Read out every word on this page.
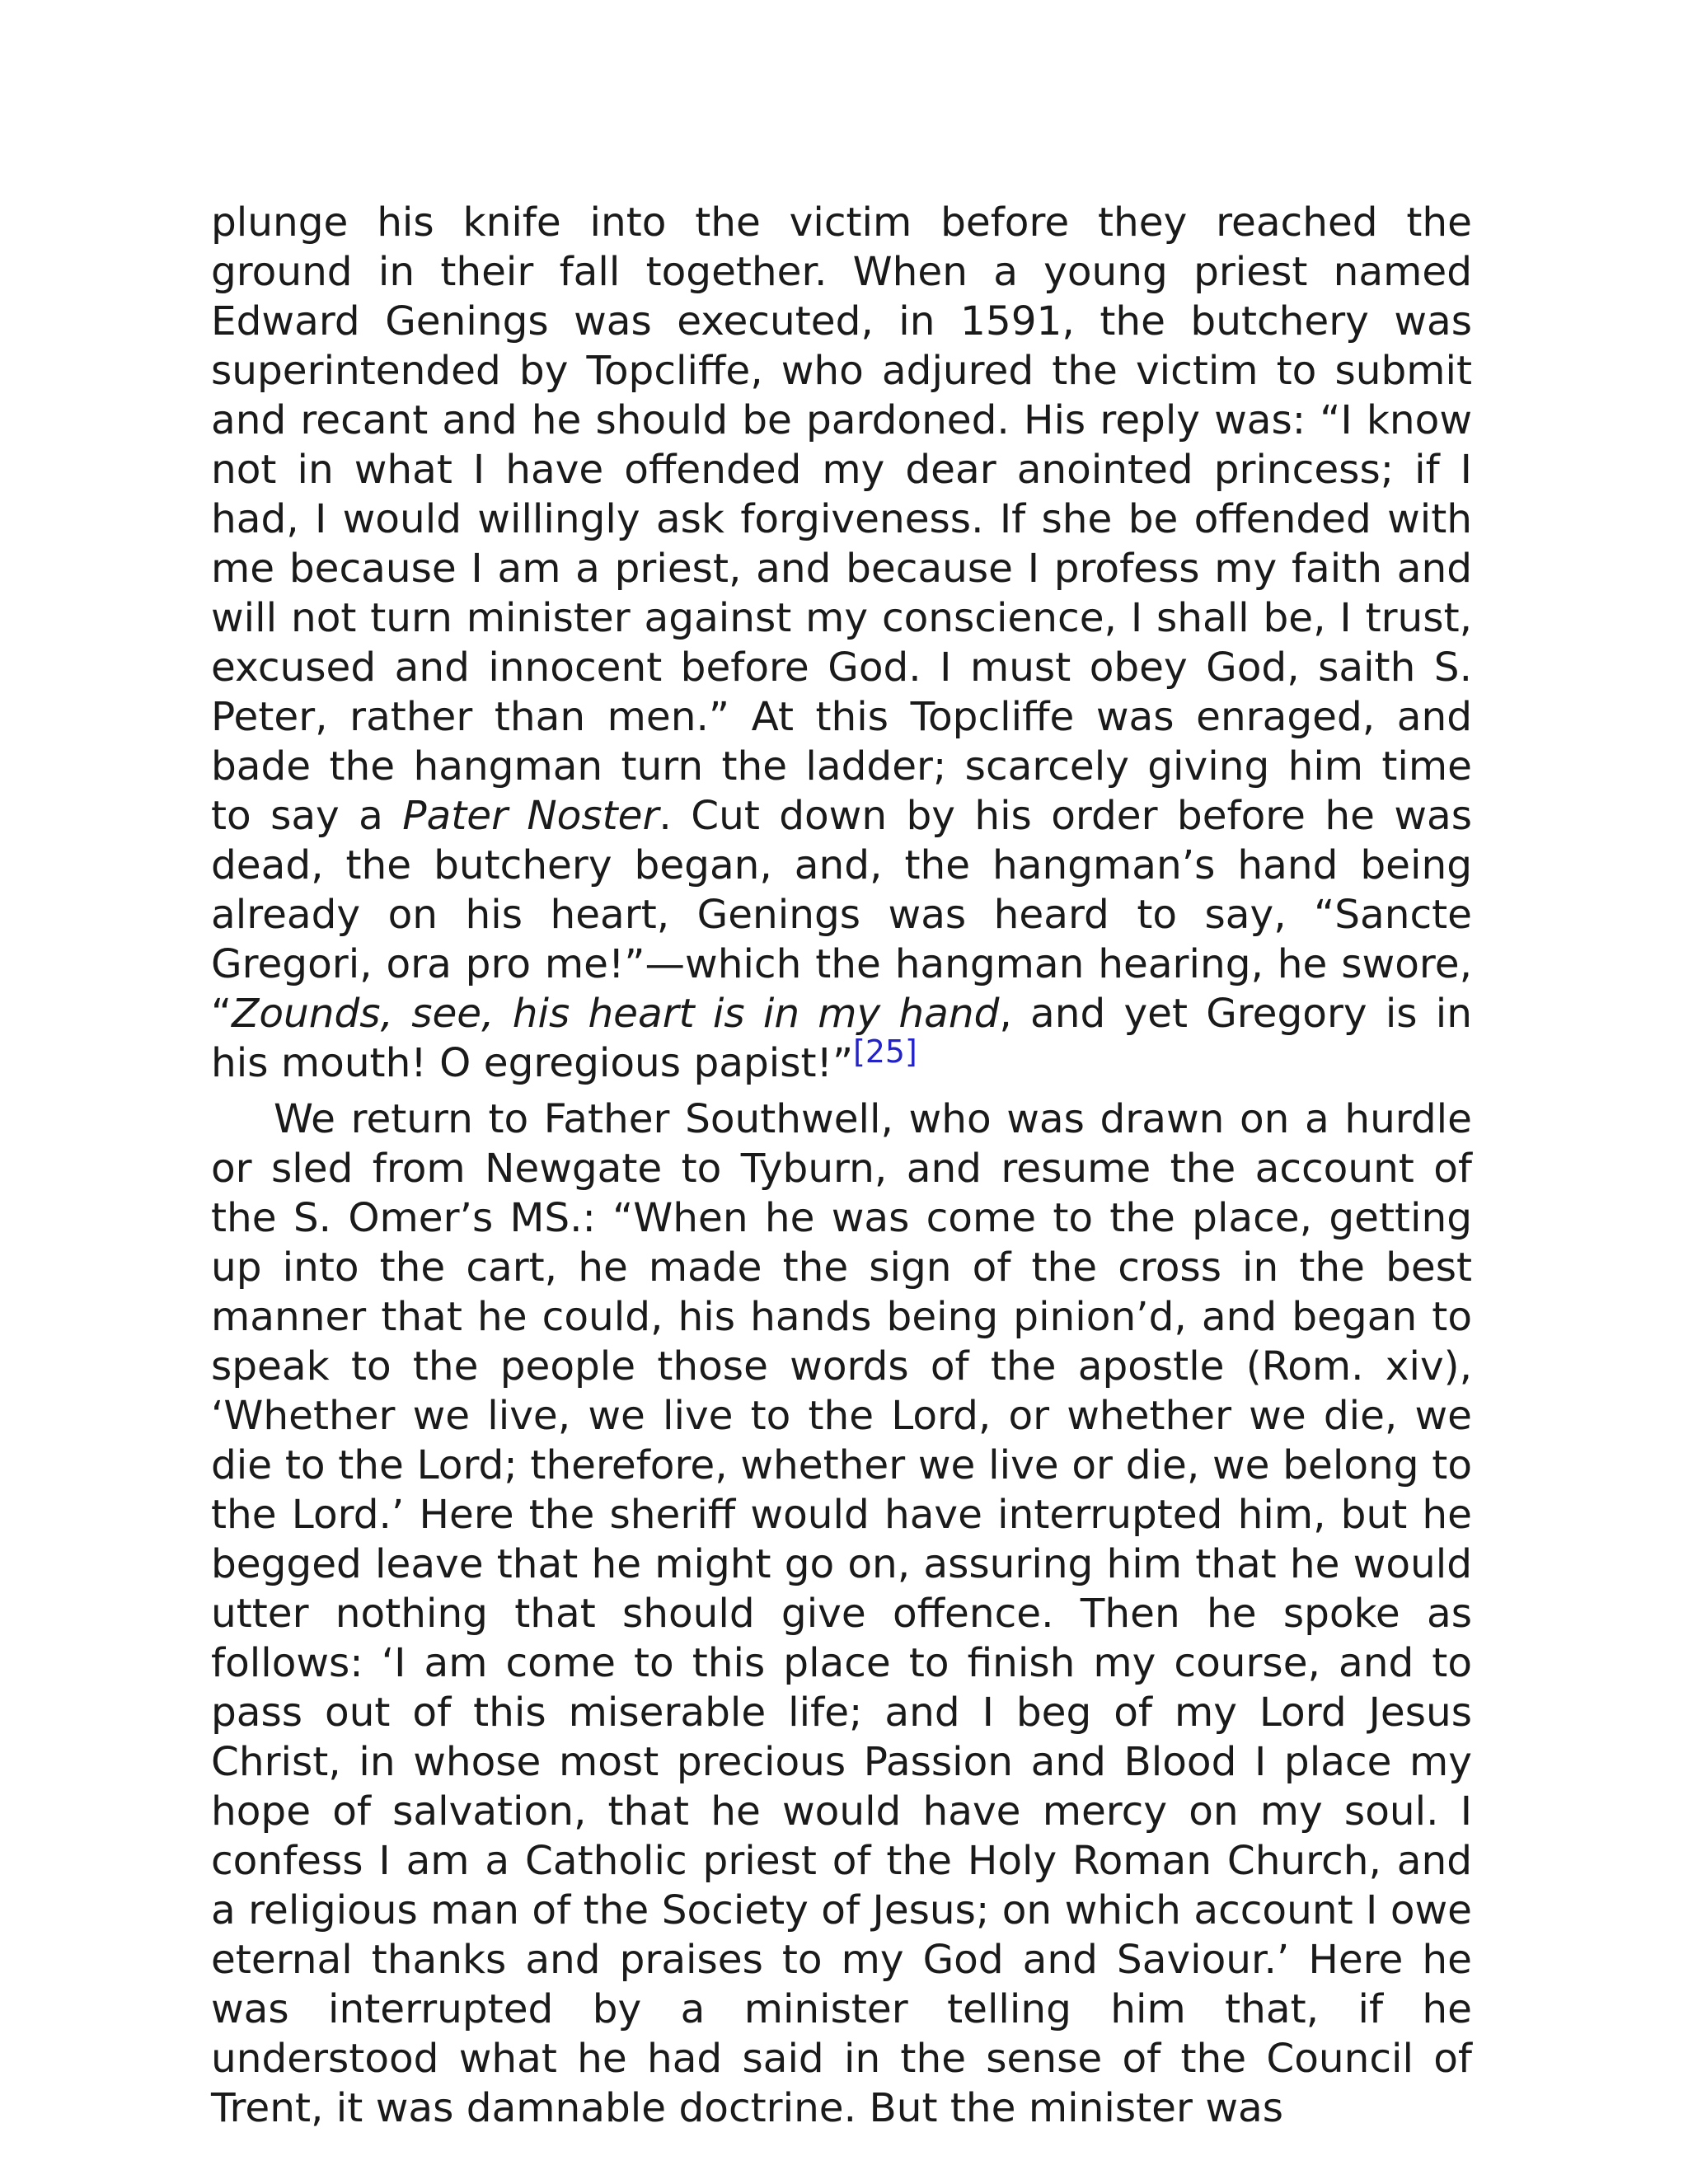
plunge his knife into the victim before they reached the ground in their fall together. When a young priest named Edward Genings was executed, in 1591, the butchery was superintended by Topcliffe, who adjured the victim to submit and recant and he should be pardoned. His reply was: “I know not in what I have offended my dear anointed princess; if I had, I would willingly ask forgiveness. If she be offended with me because I am a priest, and because I profess my faith and will not turn minister against my conscience, I shall be, I trust, excused and innocent before God. I must obey God, saith S. Peter, rather than men.” At this Topcliffe was enraged, and bade the hangman turn the ladder; scarcely giving him time to say a Pater Noster. Cut down by his order before he was dead, the butchery began, and, the hangman’s hand being already on his heart, Genings was heard to say, “Sancte Gregori, ora pro me!”—which the hangman hearing, he swore, “Zounds, see, his heart is in my hand, and yet Gregory is in his mouth! O egregious papist!”[25]

We return to Father Southwell, who was drawn on a hurdle or sled from Newgate to Tyburn, and resume the account of the S. Omer’s MS.: “When he was come to the place, getting up into the cart, he made the sign of the cross in the best manner that he could, his hands being pinion’d, and began to speak to the people those words of the apostle (Rom. xiv), ‘Whether we live, we live to the Lord, or whether we die, we die to the Lord; therefore, whether we live or die, we belong to the Lord.’ Here the sheriff would have interrupted him, but he begged leave that he might go on, assuring him that he would utter nothing that should give offence. Then he spoke as follows: ‘I am come to this place to finish my course, and to pass out of this miserable life; and I beg of my Lord Jesus Christ, in whose most precious Passion and Blood I place my hope of salvation, that he would have mercy on my soul. I confess I am a Catholic priest of the Holy Roman Church, and a religious man of the Society of Jesus; on which account I owe eternal thanks and praises to my God and Saviour.’ Here he was interrupted by a minister telling him that, if he understood what he had said in the sense of the Council of Trent, it was damnable doctrine. But the minister was
